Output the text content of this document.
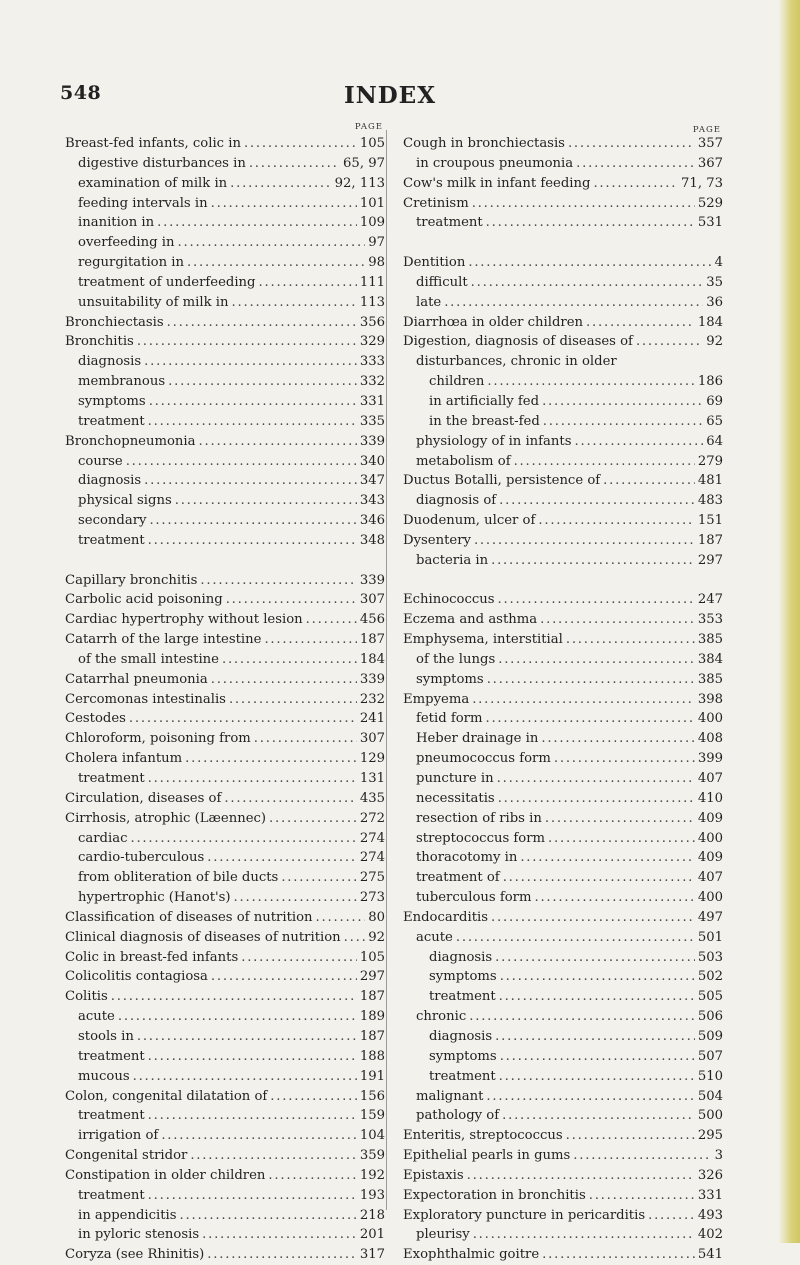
548	INDEX
PAGE
Breast-fed infants, colic in . . .	105
digestive disturbances in . . .	65, 97
examination of milk in . . .	92, 113
feeding intervals in . . .	101
inanition in . . .	109
overfeeding in . . .	97
regurgitation in . . .	98
treatment of underfeeding . . .	111
unsuitability of milk in . . .	113
Bronchiectasis . . .	356
Bronchitis . . .	329
diagnosis . . .	333
membranous . . .	332
symptoms . . .	331
treatment . . .	335
Bronchopneumonia . . .	339
course . . .	340
diagnosis . . .	347
physical signs . . .	343
secondary . . .	346
treatment . . .	348
Capillary bronchitis . . .	339
Carbolic acid poisoning . . .	307
Cardiac hypertrophy without lesion . . .	456
Catarrh of the large intestine . . .	187
of the small intestine . . .	184
Catarrhal pneumonia . . .	339
Cercomonas intestinalis . . .	232
Cestodes . . .	241
Chloroform, poisoning from . . .	307
Cholera infantum . . .	129
treatment . . .	131
Circulation, diseases of . . .	435
Cirrhosis, atrophic (Læennec) . . .	272
cardiac . . .	274
cardio-tuberculous . . .	274
from obliteration of bile ducts . . .	275
hypertrophic (Hanot's) . . .	273
Classification of diseases of nutrition . . .	80
Clinical diagnosis of diseases of nutrition . . . 92
Colic in breast-fed infants . . .	105
Colicolitis contagiosa . . .	297
Colitis . . .	187
acute . . .	189
stools in . . .	187
treatment . . .	188
mucous . . .	191
Colon, congenital dilatation of . . .	156
treatment . . .	159
irrigation of . . .	104
Congenital stridor . . .	359
Constipation in older children . . .	192
treatment . . .	193
in appendicitis . . .	218
in pyloric stenosis . . .	201
Coryza (see Rhinitis) . . .	317
PAGE
Cough in bronchiectasis . . .	357
in croupous pneumonia . . .	367
Cow's milk in infant feeding . . .	71, 73
Cretinism . . .	529
treatment . . .	531
Dentition . . .	4
difficult . . .	35
late . . .	36
Diarrhœa in older children . . .	184
Digestion, diagnosis of diseases of . . .	92
disturbances, chronic in older
children . . .	186
in artificially fed . . .	69
in the breast-fed . . .	65
physiology of in infants . . .	64
metabolism of . . .	279
Ductus Botalli, persistence of . . .	481
diagnosis of . . .	483
Duodenum, ulcer of . . .	151
Dysentery . . .	187
bacteria in . . .	297
Echinococcus . . .	247
Eczema and asthma . . .	353
Emphysema, interstitial . . .	385
of the lungs . . .	384
symptoms . . .	385
Empyema . . .	398
fetid form . . .	400
Heber drainage in . . .	408
pneumococcus form . . .	399
puncture in . . .	407
necessitatis . . .	410
resection of ribs in . . .	409
streptococcus form . . .	400
thoracotomy in . . .	409
treatment of . . .	407
tuberculous form . . .	400
Endocarditis . . .	497
acute . . .	501
diagnosis . . .	503
symptoms . . .	502
treatment . . .	505
chronic . . .	506
diagnosis . . .	509
symptoms . . .	507
treatment . . .	510
malignant . . .	504
pathology of . . .	500
Enteritis, streptococcus . . .	295
Epithelial pearls in gums . . .	3
Epistaxis . . .	326
Expectoration in bronchitis . . .	331
Exploratory puncture in pericarditis . . .	493
pleurisy . . .	402
Exophthalmic goitre . . .	541
